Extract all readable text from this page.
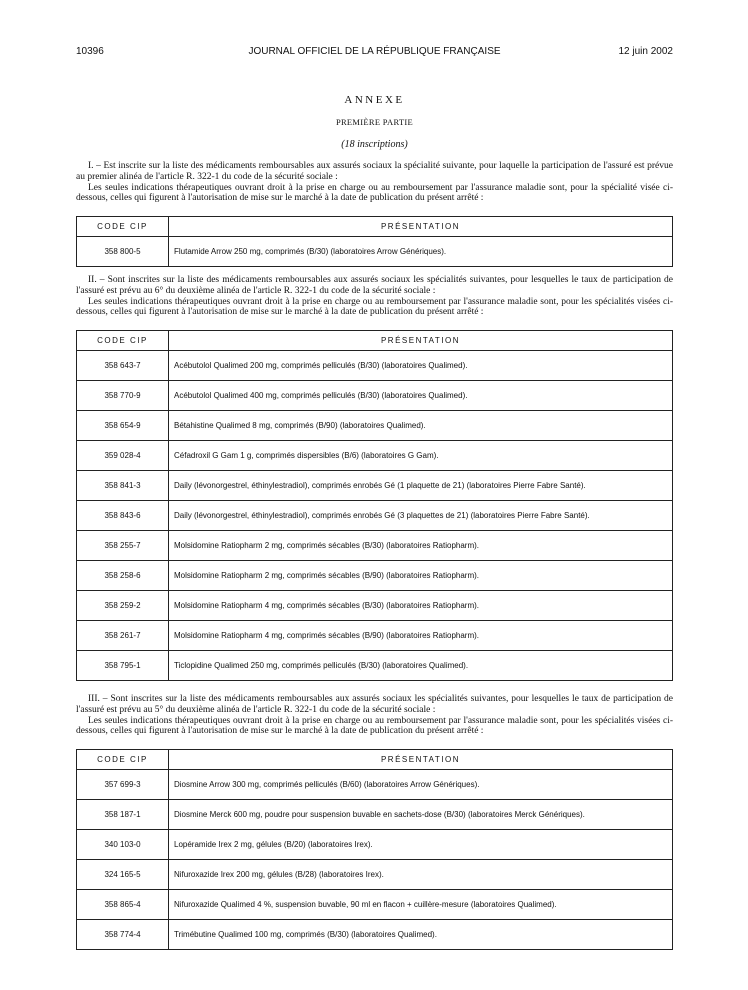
10396	JOURNAL OFFICIEL DE LA RÉPUBLIQUE FRANÇAISE	12 juin 2002
ANNEXE
PREMIÈRE PARTIE
(18 inscriptions)

I. – Est inscrite sur la liste des médicaments remboursables aux assurés sociaux la spécialité suivante, pour laquelle la participation de l'assuré est prévue au premier alinéa de l'article R. 322-1 du code de la sécurité sociale :

Les seules indications thérapeutiques ouvrant droit à la prise en charge ou au remboursement par l'assurance maladie sont, pour la spécialité visée ci-dessous, celles qui figurent à l'autorisation de mise sur le marché à la date de publication du présent arrêté :

CODE CIP	PRÉSENTATION
358 800-5	Flutamide Arrow 250 mg, comprimés (B/30) (laboratoires Arrow Génériques).

II. – Sont inscrites sur la liste des médicaments remboursables aux assurés sociaux les spécialités suivantes, pour lesquelles le taux de participation de l'assuré est prévu au 6° du deuxième alinéa de l'article R. 322-1 du code de la sécurité sociale :

Les seules indications thérapeutiques ouvrant droit à la prise en charge ou au remboursement par l'assurance maladie sont, pour les spécialités visées ci-dessous, celles qui figurent à l'autorisation de mise sur le marché à la date de publication du présent arrêté :

CODE CIP	PRÉSENTATION
358 643-7	Acébutolol Qualimed 200 mg, comprimés pelliculés (B/30) (laboratoires Qualimed).
358 770-9	Acébutolol Qualimed 400 mg, comprimés pelliculés (B/30) (laboratoires Qualimed).
358 654-9	Bétahistine Qualimed 8 mg, comprimés (B/90) (laboratoires Qualimed).
359 028-4	Céfadroxil G Gam 1 g, comprimés dispersibles (B/6) (laboratoires G Gam).
358 841-3	Daily (lévonorgestrel, éthinylestradiol), comprimés enrobés Gé (1 plaquette de 21) (laboratoires Pierre Fabre Santé).
358 843-6	Daily (lévonorgestrel, éthinylestradiol), comprimés enrobés Gé (3 plaquettes de 21) (laboratoires Pierre Fabre Santé).
358 255-7	Molsidomine Ratiopharm 2 mg, comprimés sécables (B/30) (laboratoires Ratiopharm).
358 258-6	Molsidomine Ratiopharm 2 mg, comprimés sécables (B/90) (laboratoires Ratiopharm).
358 259-2	Molsidomine Ratiopharm 4 mg, comprimés sécables (B/30) (laboratoires Ratiopharm).
358 261-7	Molsidomine Ratiopharm 4 mg, comprimés sécables (B/90) (laboratoires Ratiopharm).
358 795-1	Ticlopidine Qualimed 250 mg, comprimés pelliculés (B/30) (laboratoires Qualimed).

III. – Sont inscrites sur la liste des médicaments remboursables aux assurés sociaux les spécialités suivantes, pour lesquelles le taux de participation de l'assuré est prévu au 5° du deuxième alinéa de l'article R. 322-1 du code de la sécurité sociale :

Les seules indications thérapeutiques ouvrant droit à la prise en charge ou au remboursement par l'assurance maladie sont, pour les spécialités visées ci-dessous, celles qui figurent à l'autorisation de mise sur le marché à la date de publication du présent arrêté :

CODE CIP	PRÉSENTATION
357 699-3	Diosmine Arrow 300 mg, comprimés pelliculés (B/60) (laboratoires Arrow Génériques).
358 187-1	Diosmine Merck 600 mg, poudre pour suspension buvable en sachets-dose (B/30) (laboratoires Merck Génériques).
340 103-0	Lopéramide Irex 2 mg, gélules (B/20) (laboratoires Irex).
324 165-5	Nifuroxazide Irex 200 mg, gélules (B/28) (laboratoires Irex).
358 865-4	Nifuroxazide Qualimed 4 %, suspension buvable, 90 ml en flacon + cuillère-mesure (laboratoires Qualimed).
358 774-4	Trimébutine Qualimed 100 mg, comprimés (B/30) (laboratoires Qualimed).
